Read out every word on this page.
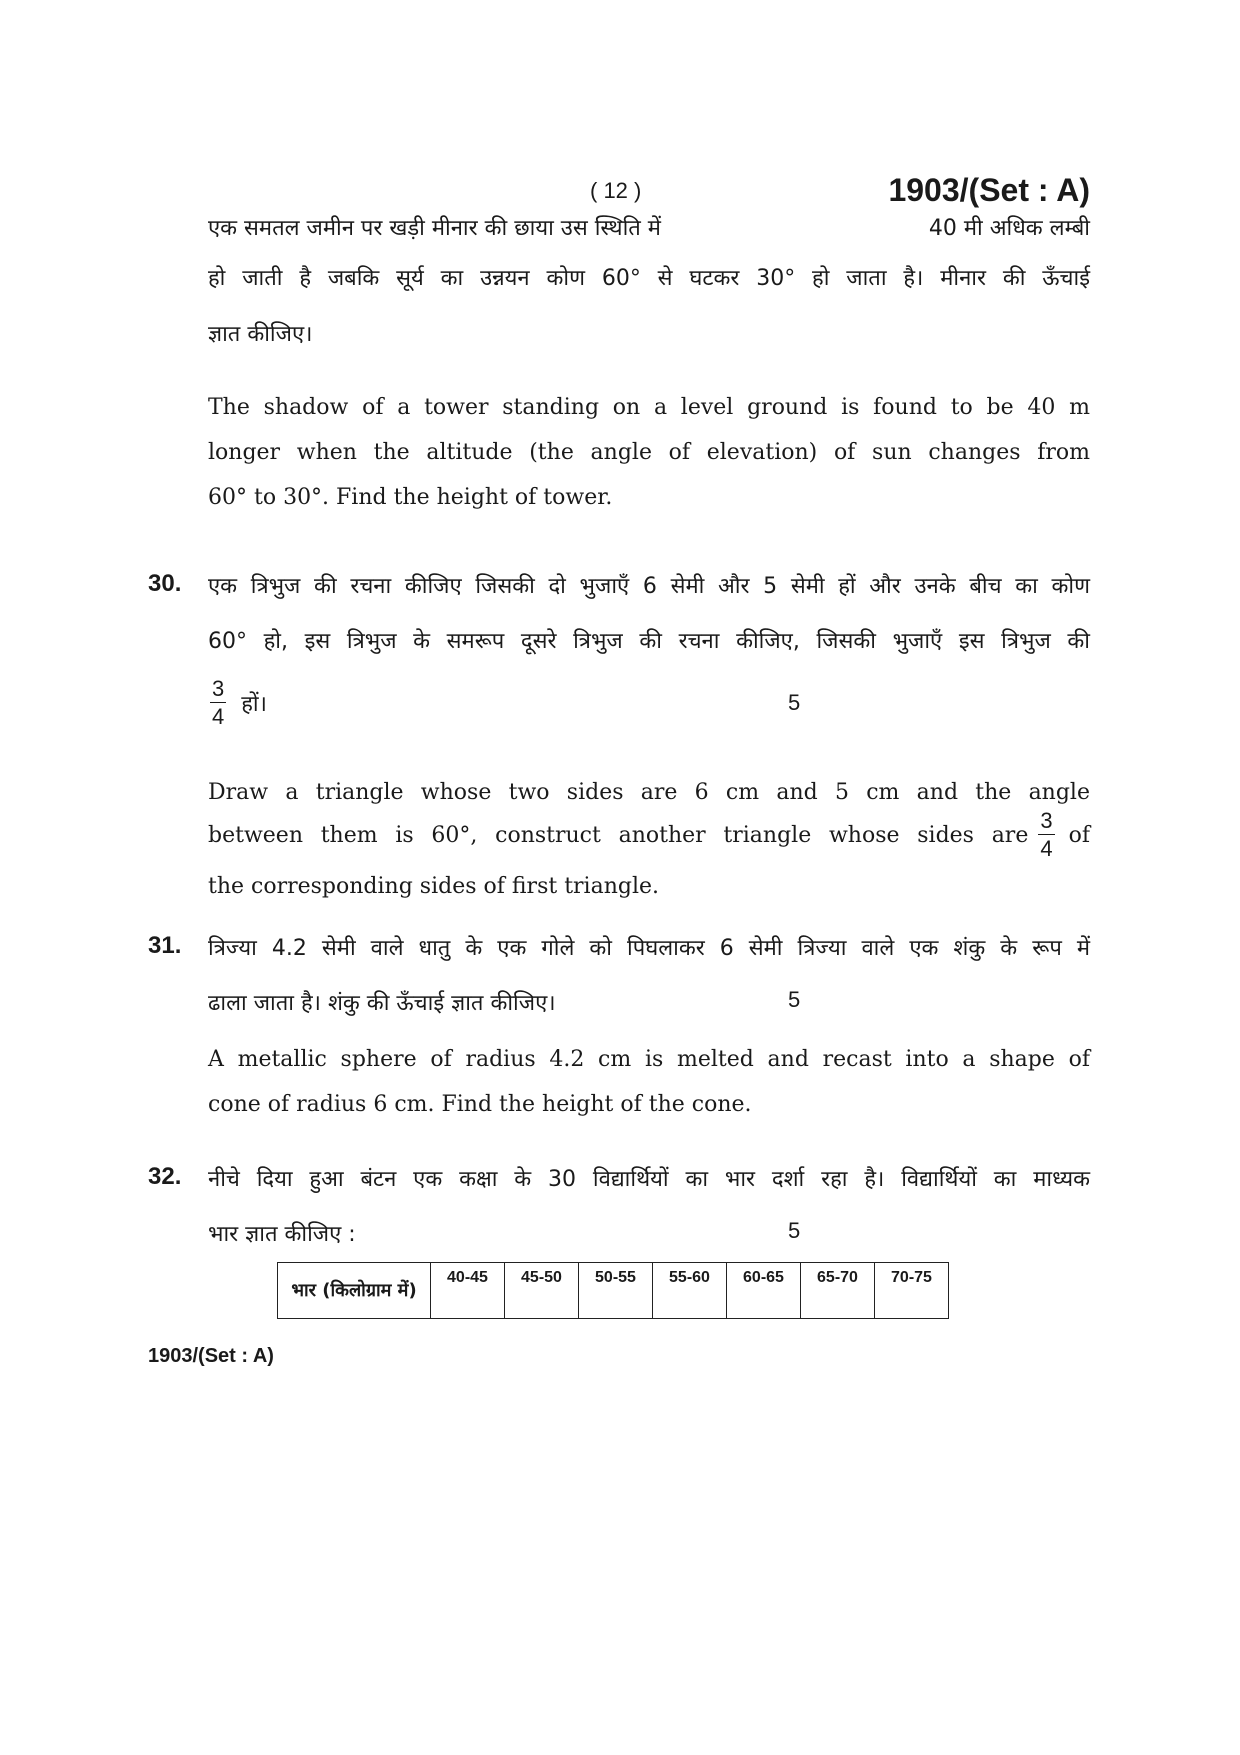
( 12 )	1903/(Set : A)
एक समतल जमीन पर खड़ी मीनार की छाया उस स्थिति में	40 मी अधिक लम्बी
हो जाती है जबकि सूर्य का उन्नयन कोण 60° से घटकर 30° हो जाता है। मीनार की ऊँचाई
ज्ञात कीजिए।
The shadow of a tower standing on a level ground is found to be 40 m
longer when the altitude (the angle of elevation) of sun changes from
60° to 30°. Find the height of tower.
30. एक त्रिभुज की रचना कीजिए जिसकी दो भुजाएँ 6 सेमी और 5 सेमी हों और उनके बीच का कोण
60° हो, इस त्रिभुज के समरूप दूसरे त्रिभुज की रचना कीजिए, जिसकी भुजाएँ इस त्रिभुज की
$\frac{3}{4}$ हों।	5
Draw a triangle whose two sides are 6 cm and 5 cm and the angle
between them is 60°, construct another triangle whose sides are $\frac{3}{4}$ of
the corresponding sides of first triangle.
31. त्रिज्या 4.2 सेमी वाले धातु के एक गोले को पिघलाकर 6 सेमी त्रिज्या वाले एक शंकु के रूप में
ढाला जाता है। शंकु की ऊँचाई ज्ञात कीजिए।	5
A metallic sphere of radius 4.2 cm is melted and recast into a shape of
cone of radius 6 cm. Find the height of the cone.
32. नीचे दिया हुआ बंटन एक कक्षा के 30 विद्यार्थियों का भार दर्शा रहा है। विद्यार्थियों का माध्यक
भार ज्ञात कीजिए :	5
भार (किलोग्राम में)	40-45	45-50	50-55	55-60	60-65	65-70	70-75
1903/(Set : A)
